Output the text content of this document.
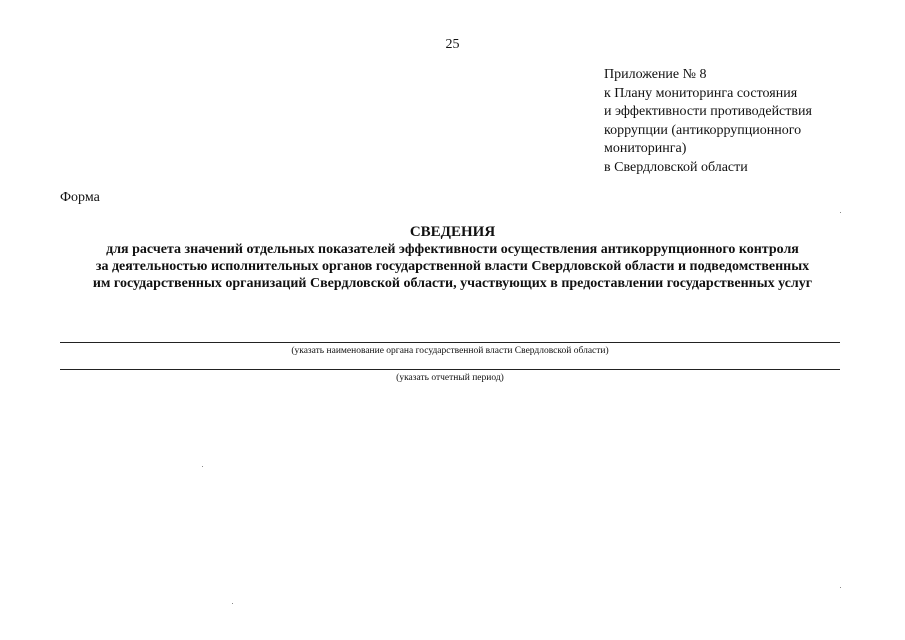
25
Приложение № 8
к Плану мониторинга состояния
и эффективности противодействия
коррупции (антикоррупционного
мониторинга)
в Свердловской области
Форма
СВЕДЕНИЯ
для расчета значений отдельных показателей эффективности осуществления антикоррупционного контроля
за деятельностью исполнительных органов государственной власти Свердловской области и подведомственных
им государственных организаций Свердловской области, участвующих в предоставлении государственных услуг
(указать наименование органа государственной власти Свердловской области)
(указать отчетный период)
